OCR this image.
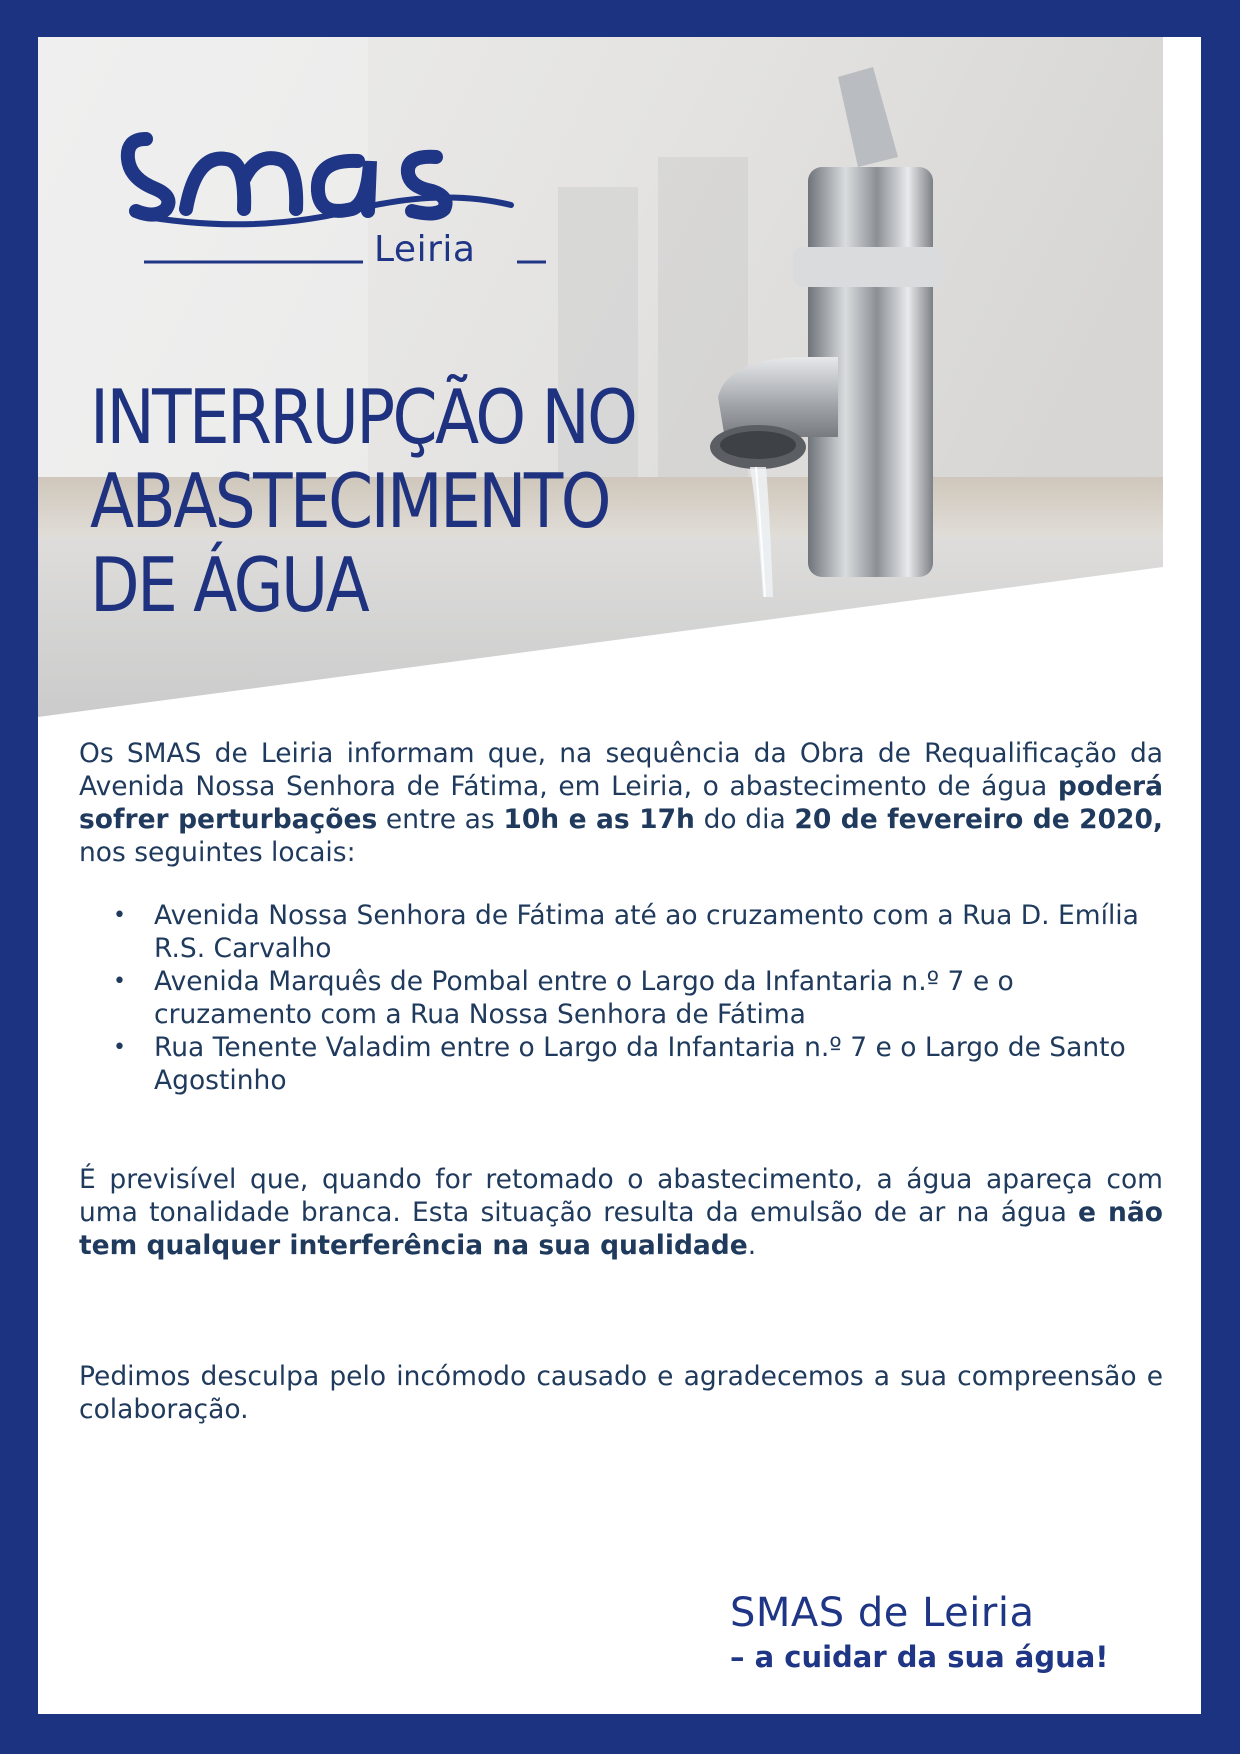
Leiria
INTERRUPÇÃO NO
ABASTECIMENTO
DE ÁGUA

Os SMAS de Leiria informam que, na sequência da Obra de Requalificação da Avenida Nossa Senhora de Fátima, em Leiria, o abastecimento de água poderá sofrer perturbações entre as 10h e as 17h do dia 20 de fevereiro de 2020, nos seguintes locais:

• Avenida Nossa Senhora de Fátima até ao cruzamento com a Rua D. Emília R.S. Carvalho
• Avenida Marquês de Pombal entre o Largo da Infantaria n.º 7 e o cruzamento com a Rua Nossa Senhora de Fátima
• Rua Tenente Valadim entre o Largo da Infantaria n.º 7 e o Largo de Santo Agostinho

É previsível que, quando for retomado o abastecimento, a água apareça com uma tonalidade branca. Esta situação resulta da emulsão de ar na água e não tem qualquer interferência na sua qualidade.

Pedimos desculpa pelo incómodo causado e agradecemos a sua compreensão e colaboração.

SMAS de Leiria
– a cuidar da sua água!
